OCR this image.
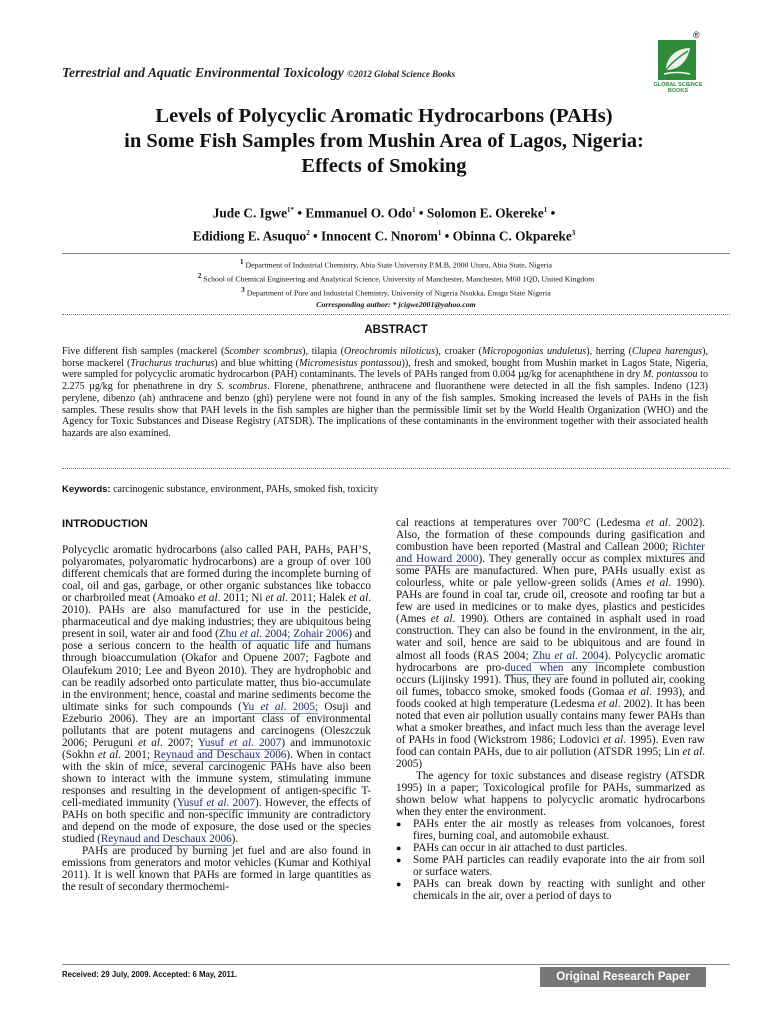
Terrestrial and Aquatic Environmental Toxicology ©2012 Global Science Books
®
GLOBAL SCIENCE BOOKS
Levels of Polycyclic Aromatic Hydrocarbons (PAHs)
in Some Fish Samples from Mushin Area of Lagos, Nigeria:
Effects of Smoking
Jude C. Igwe$^{1*}$ • Emmanuel O. Odo$^1$ • Solomon E. Okereke$^1$ •
Edidiong E. Asuquo$^2$ • Innocent C. Nnorom$^1$ • Obinna C. Okpareke$^3$
$^1$ Department of Industrial Chemistry, Abia State University P.M.B, 2000 Uturu, Abia State, Nigeria
$^2$ School of Chemical Engineering and Analytical Science, University of Manchester, Manchester, M60 1QD, United Kingdom
$^3$ Department of Pure and Industrial Chemistry, University of Nigeria Nsukka, Enugu State Nigeria
Corresponding author: * jcigwe2001@yahoo.com
ABSTRACT

Five different fish samples (mackerel (Scomber scombrus), tilapia (Oreochromis niloticus), croaker (Micropogonias unduletus), herring (Clupea harengus), horse mackerel (Trachurus trachurus) and blue whitting (Micromesistus pontassou)), fresh and smoked, bought from Mushin market in Lagos State, Nigeria, were sampled for polycyclic aromatic hydrocarbon (PAH) contaminants. The levels of PAHs ranged from 0.004 µg/kg for acenaphthene in dry M. pontassou to 2.275 µg/kg for phenathrene in dry S. scombrus. Florene, phenathrene, anthracene and fluoranthene were detected in all the fish samples. Indeno (123) perylene, dibenzo (ah) anthracene and benzo (ghi) perylene were not found in any of the fish samples. Smoking increased the levels of PAHs in the fish samples. These results show that PAH levels in the fish samples are higher than the permissible limit set by the World Health Organization (WHO) and the Agency for Toxic Substances and Disease Registry (ATSDR). The implications of these contaminants in the environment together with their associated health hazards are also examined.

Keywords: carcinogenic substance, environment, PAHs, smoked fish, toxicity
INTRODUCTION

Polycyclic aromatic hydrocarbons (also called PAH, PAHs, PAH’S, polyaromates, polyaromatic hydrocarbons) are a group of over 100 different chemicals that are formed during the incomplete burning of coal, oil and gas, garbage, or other organic substances like tobacco or charbroiled meat (Amoako et al. 2011; Ni et al. 2011; Halek et al. 2010). PAHs are also manufactured for use in the pesticide, pharmaceutical and dye making industries; they are ubiquitous being present in soil, water air and food (Zhu et al. 2004; Zohair 2006) and pose a serious concern to the health of aquatic life and humans through bioaccumulation (Okafor and Opuene 2007; Fagbote and Olaufekum 2010; Lee and Byeon 2010). They are hydrophobic and can be readily adsorbed onto particulate matter, thus bio-accumulate in the environment; hence, coastal and marine sediments become the ultimate sinks for such compounds (Yu et al. 2005; Osuji and Ezeburio 2006). They are an important class of environmental pollutants that are potent mutagens and carcinogens (Oleszczuk 2006; Peruguni et al. 2007; Yusuf et al. 2007) and immunotoxic (Sokhn et al. 2001; Reynaud and Deschaux 2006). When in contact with the skin of mice, several carcinogenic PAHs have also been shown to interact with the immune system, stimulating immune responses and resulting in the development of antigen-specific T-cell-mediated immunity (Yusuf et al. 2007). However, the effects of PAHs on both specific and non-specific immunity are contradictory and depend on the mode of exposure, the dose used or the species studied (Reynaud and Deschaux 2006).

PAHs are produced by burning jet fuel and are also found in emissions from generators and motor vehicles (Kumar and Kothiyal 2011). It is well known that PAHs are formed in large quantities as the result of secondary thermochemi-

cal reactions at temperatures over 700°C (Ledesma et al. 2002). Also, the formation of these compounds during gasification and combustion have been reported (Mastral and Callean 2000; Richter and Howard 2000). They generally occur as complex mixtures and some PAHs are manufactured. When pure, PAHs usually exist as colourless, white or pale yellow-green solids (Ames et al. 1990). PAHs are found in coal tar, crude oil, creosote and roofing tar but a few are used in medicines or to make dyes, plastics and pesticides (Ames et al. 1990). Others are contained in asphalt used in road construction. They can also be found in the environment, in the air, water and soil, hence are said to be ubiquitous and are found in almost all foods (RAS 2004; Zhu et al. 2004). Polycyclic aromatic hydrocarbons are pro-duced when any incomplete combustion occurs (Lijinsky 1991). Thus, they are found in polluted air, cooking oil fumes, tobacco smoke, smoked foods (Gomaa et al. 1993), and foods cooked at high temperature (Ledesma et al. 2002). It has been noted that even air pollution usually contains many fewer PAHs than what a smoker breathes, and infact much less than the average level of PAHs in food (Wickstrom 1986; Lodovici et al. 1995). Even raw food can contain PAHs, due to air pollution (ATSDR 1995; Lin et al. 2005)

The agency for toxic substances and disease registry (ATSDR 1995) in a paper; Toxicological profile for PAHs, summarized as shown below what happens to polycyclic aromatic hydrocarbons when they enter the environment.

● PAHs enter the air mostly as releases from volcanoes, forest fires, burning coal, and automobile exhaust.
● PAHs can occur in air attached to dust particles.
● Some PAH particles can readily evaporate into the air from soil or surface waters.
● PAHs can break down by reacting with sunlight and other chemicals in the air, over a period of days to
Received: 29 July, 2009. Accepted: 6 May, 2011.	Original Research Paper
